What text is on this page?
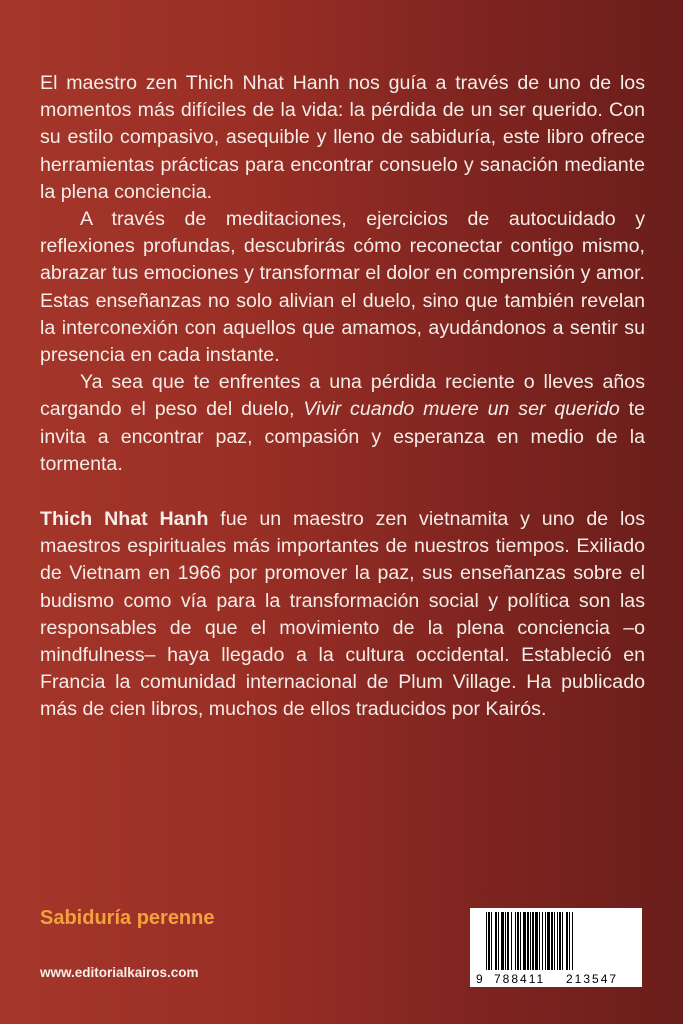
El maestro zen Thich Nhat Hanh nos guía a través de uno de los momentos más difíciles de la vida: la pérdida de un ser querido. Con su estilo compasivo, asequible y lleno de sabiduría, este libro ofrece herramientas prácticas para encontrar consuelo y sanación mediante la plena conciencia.

A través de meditaciones, ejercicios de autocuidado y reflexiones profundas, descubrirás cómo reconectar contigo mismo, abrazar tus emociones y transformar el dolor en comprensión y amor. Estas enseñanzas no solo alivian el duelo, sino que también revelan la interconexión con aquellos que amamos, ayudándonos a sentir su presencia en cada instante.

Ya sea que te enfrentes a una pérdida reciente o lleves años cargando el peso del duelo, Vivir cuando muere un ser querido te invita a encontrar paz, compasión y esperanza en medio de la tormenta.

Thich Nhat Hanh fue un maestro zen vietnamita y uno de los maestros espirituales más importantes de nuestros tiempos. Exiliado de Vietnam en 1966 por promover la paz, sus enseñanzas sobre el budismo como vía para la transformación social y política son las responsables de que el movimiento de la plena conciencia –o mindfulness– haya llegado a la cultura occidental. Estableció en Francia la comunidad internacional de Plum Village. Ha publicado más de cien libros, muchos de ellos traducidos por Kairós.

Sabiduría perenne
www.editorialkairos.com	9 788411 213547
